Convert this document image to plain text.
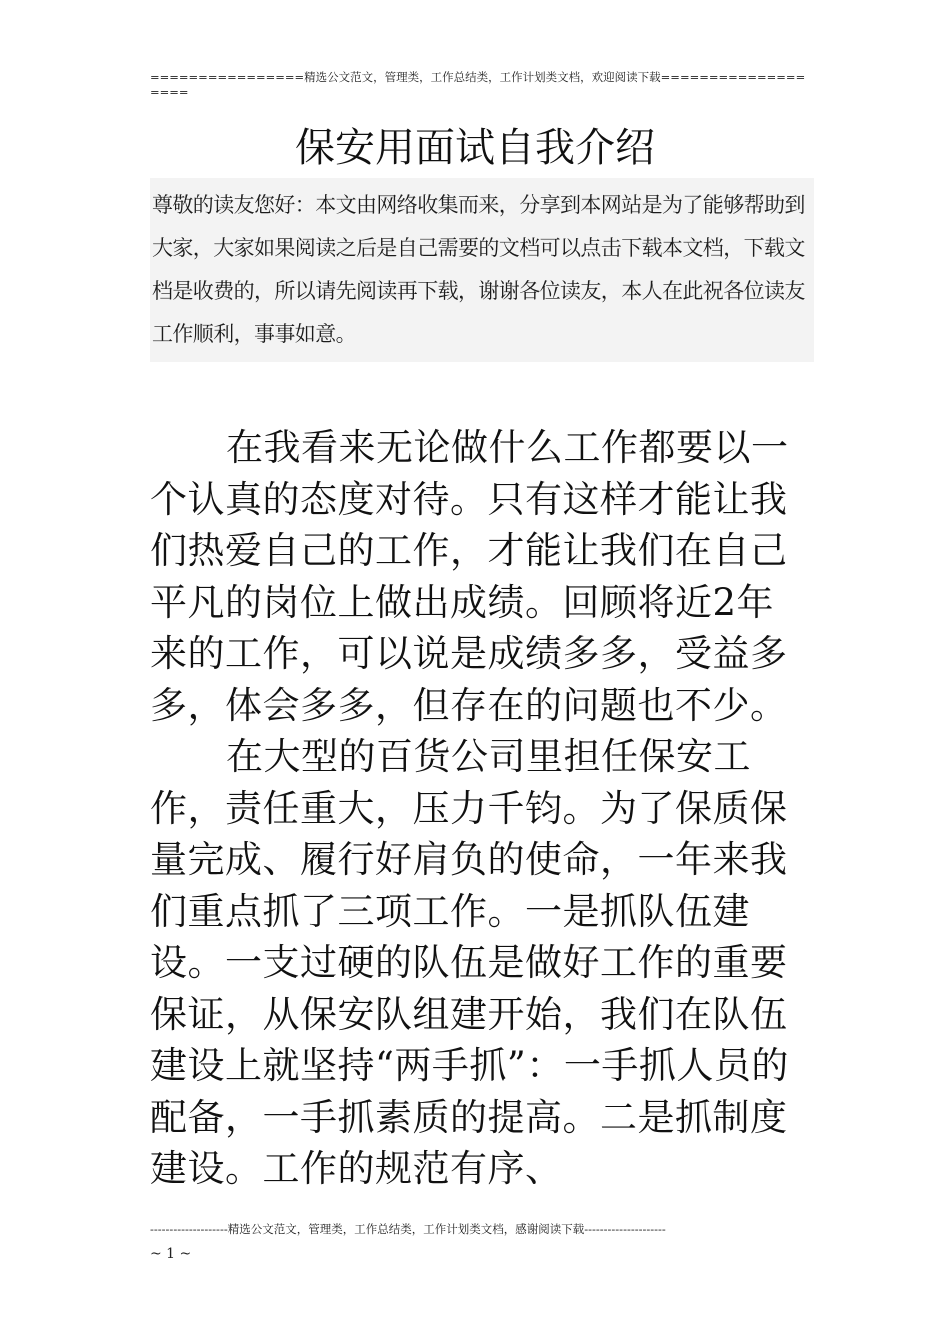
================精选公文范文，管理类，工作总结类，工作计划类文档，欢迎阅读下载===================
保安用面试自我介绍
尊敬的读友您好：本文由网络收集而来，分享到本网站是为了能够帮助到大家，大家如果阅读之后是自己需要的文档可以点击下载本文档，下载文档是收费的，所以请先阅读再下载，谢谢各位读友，本人在此祝各位读友工作顺利，事事如意。

在我看来无论做什么工作都要以一个认真的态度对待。只有这样才能让我们热爱自己的工作，才能让我们在自己平凡的岗位上做出成绩。回顾将近2年来的工作，可以说是成绩多多，受益多多，体会多多，但存在的问题也不少。

在大型的百货公司里担任保安工作，责任重大，压力千钧。为了保质保量完成、履行好肩负的使命，一年来我们重点抓了三项工作。一是抓队伍建设。一支过硬的队伍是做好工作的重要保证，从保安队组建开始，我们在队伍建设上就坚持“两手抓”：一手抓人员的配备，一手抓素质的提高。二是抓制度建设。工作的规范有序、

--------------------精选公文范文，管理类，工作总结类，工作计划类文档，感谢阅读下载---------------------
~ 1 ~
